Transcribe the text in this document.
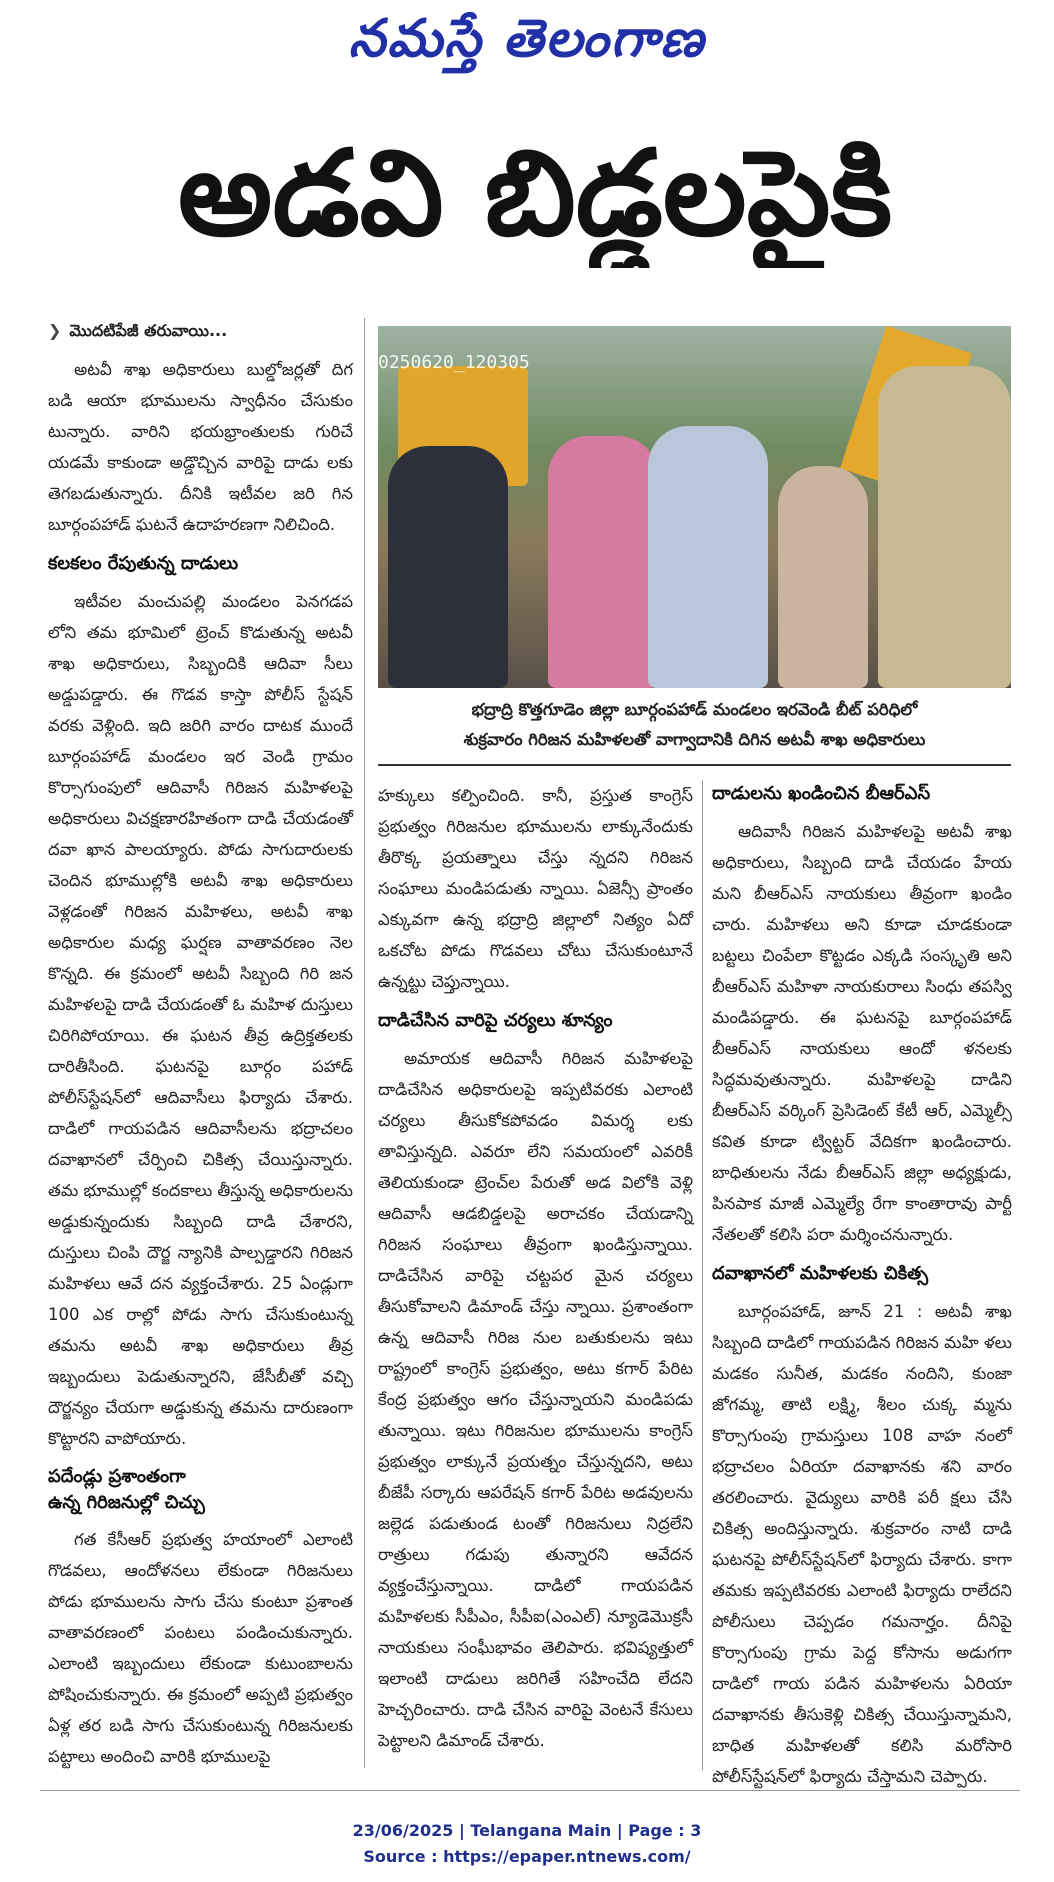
నమస్తే తెలంగాణ
అడవి బిడ్డలపైకి
❯ మొదటిపేజీ తరువాయి...

అటవీ శాఖ అధికారులు బుల్డోజర్లతో దిగ బడి ఆయా భూములను స్వాధీనం చేసుకుం టున్నారు. వారిని భయభ్రాంతులకు గురిచే యడమే కాకుండా అడ్డొచ్చిన వారిపై దాడు లకు తెగబడుతున్నారు. దీనికి ఇటీవల జరి గిన బూర్గంపహాడ్ ఘటనే ఉదాహరణగా నిలిచింది.

కలకలం రేపుతున్న దాడులు

ఇటీవల మంచుపల్లి మండలం పెనగడప లోని తమ భూమిలో ట్రెంచ్ కొడుతున్న అటవీ శాఖ అధికారులు, సిబ్బందికి ఆదివా సీలు అడ్డుపడ్డారు. ఈ గొడవ కాస్తా పోలీస్ స్టేషన్ వరకు వెళ్లింది. ఇది జరిగి వారం దాటక ముందే బూర్గంపహాడ్ మండలం ఇర వెండి గ్రామం కొర్సాగుంపులో ఆదివాసీ గిరిజన మహిళలపై అధికారులు విచక్షణారహితంగా దాడి చేయడంతో దవా ఖాన పాలయ్యారు. పోడు సాగుదారులకు చెందిన భూముల్లోకి అటవీ శాఖ అధికారులు వెళ్లడంతో గిరిజన మహిళలు, అటవీ శాఖ అధికారుల మధ్య ఘర్షణ వాతావరణం నెల కొన్నది. ఈ క్రమంలో అటవీ సిబ్బంది గిరి జన మహిళలపై దాడి చేయడంతో ఓ మహిళ దుస్తులు చిరిగిపోయాయి. ఈ ఘటన తీవ్ర ఉద్రిక్తతలకు దారితీసింది. ఘటనపై బూర్గం పహాడ్ పోలీస్‌స్టేషన్‌లో ఆదివాసీలు ఫిర్యాదు చేశారు. దాడిలో గాయపడిన ఆదివాసీలను భద్రాచలం దవాఖానలో చేర్పించి చికిత్స చేయిస్తున్నారు. తమ భూముల్లో కందకాలు తీస్తున్న అధికారులను అడ్డుకున్నందుకు సిబ్బంది దాడి చేశారని, దుస్తులు చింపి దౌర్జ న్యానికి పాల్పడ్డారని గిరిజన మహిళలు ఆవే దన వ్యక్తంచేశారు. 25 ఏండ్లుగా 100 ఎక రాల్లో పోడు సాగు చేసుకుంటున్న తమను అటవీ శాఖ అధికారులు తీవ్ర ఇబ్బందులు పెడుతున్నారని, జేసీబీతో వచ్చి దౌర్జన్యం చేయగా అడ్డుకున్న తమను దారుణంగా కొట్టారని వాపోయారు.

పదేండ్లు ప్రశాంతంగా
ఉన్న గిరిజనుల్లో చిచ్చు

గత కేసీఆర్ ప్రభుత్వ హయాంలో ఎలాంటి గొడవలు, ఆందోళనలు లేకుండా గిరిజనులు పోడు భూములను సాగు చేసు కుంటూ ప్రశాంత వాతావరణంలో పంటలు పండించుకున్నారు. ఎలాంటి ఇబ్బందులు లేకుండా కుటుంబాలను పోషించుకున్నారు. ఈ క్రమంలో అప్పటి ప్రభుత్వం ఏళ్ల తర బడి సాగు చేసుకుంటున్న గిరిజనులకు పట్టాలు అందించి వారికి భూములపై

0250620_120305
భద్రాద్రి కొత్తగూడెం జిల్లా బూర్గంపహాడ్ మండలం ఇరవెండి బీట్ పరిధిలో
శుక్రవారం గిరిజన మహిళలతో వాగ్వాదానికి దిగిన అటవీ శాఖ అధికారులు

హక్కులు కల్పించింది. కానీ, ప్రస్తుత కాంగ్రెస్ ప్రభుత్వం గిరిజనుల భూములను లాక్కునేందుకు తీరొక్క ప్రయత్నాలు చేస్తు న్నదని గిరిజన సంఘాలు మండిపడుతు న్నాయి. ఏజెన్సీ ప్రాంతం ఎక్కువగా ఉన్న భద్రాద్రి జిల్లాలో నిత్యం ఏదో ఒకచోట పోడు గొడవలు చోటు చేసుకుంటూనే ఉన్నట్టు చెప్తున్నాయి.

దాడిచేసిన వారిపై చర్యలు శూన్యం

అమాయక ఆదివాసీ గిరిజన మహిళలపై దాడిచేసిన అధికారులపై ఇప్పటివరకు ఎలాంటి చర్యలు తీసుకోకపోవడం విమర్శ లకు తావిస్తున్నది. ఎవరూ లేని సమయంలో ఎవరికీ తెలియకుండా ట్రెంచ్‌ల పేరుతో అడ విలోకి వెళ్లి ఆదివాసీ ఆడబిడ్డలపై అరాచకం చేయడాన్ని గిరిజన సంఘాలు తీవ్రంగా ఖండిస్తున్నాయి. దాడిచేసిన వారిపై చట్టపర మైన చర్యలు తీసుకోవాలని డిమాండ్ చేస్తు న్నాయి. ప్రశాంతంగా ఉన్న ఆదివాసీ గిరిజ నుల బతుకులను ఇటు రాష్ట్రంలో కాంగ్రెస్ ప్రభుత్వం, అటు కగార్ పేరిట కేంద్ర ప్రభుత్వం ఆగం చేస్తున్నాయని మండిపడు తున్నాయి. ఇటు గిరిజనుల భూములను కాంగ్రెస్ ప్రభుత్వం లాక్కునే ప్రయత్నం చేస్తున్నదని, అటు బీజేపీ సర్కారు ఆపరేషన్ కగార్ పేరిట అడవులను జల్లెడ పడుతుండ టంతో గిరిజనులు నిద్రలేని రాత్రులు గడుపు తున్నారని ఆవేదన వ్యక్తంచేస్తున్నాయి. దాడిలో గాయపడిన మహిళలకు సీపీఎం, సీపీఐ(ఎంఎల్) న్యూడెమొక్రసీ నాయకులు సంఘీభావం తెలిపారు. భవిష్యత్తులో ఇలాంటి దాడులు జరిగితే సహించేది లేదని హెచ్చరించారు. దాడి చేసిన వారిపై వెంటనే కేసులు పెట్టాలని డిమాండ్ చేశారు.

దాడులను ఖండించిన బీఆర్‌ఎస్

ఆదివాసీ గిరిజన మహిళలపై అటవీ శాఖ అధికారులు, సిబ్బంది దాడి చేయడం హేయ మని బీఆర్‌ఎస్ నాయకులు తీవ్రంగా ఖండిం చారు. మహిళలు అని కూడా చూడకుండా బట్టలు చింపేలా కొట్టడం ఎక్కడి సంస్కృతి అని బీఆర్‌ఎస్ మహిళా నాయకురాలు సింధు తపస్వి మండిపడ్డారు. ఈ ఘటనపై బూర్గంపహాడ్ బీఆర్‌ఎస్ నాయకులు ఆందో ళనలకు సిద్ధమవుతున్నారు. మహిళలపై దాడిని బీఆర్‌ఎస్ వర్కింగ్ ప్రెసిడెంట్ కేటీ ఆర్, ఎమ్మెల్సీ కవిత కూడా ట్విట్టర్ వేదికగా ఖండించారు. బాధితులను నేడు బీఆర్‌ఎస్ జిల్లా అధ్యక్షుడు, పినపాక మాజీ ఎమ్మెల్యే రేగా కాంతారావు పార్టీ నేతలతో కలిసి పరా మర్శించనున్నారు.

దవాఖానలో మహిళలకు చికిత్స

బూర్గంపహాడ్, జూన్ 21 : అటవీ శాఖ సిబ్బంది దాడిలో గాయపడిన గిరిజన మహి ళలు మడకం సునీత, మడకం నందిని, కుంజా జోగమ్మ, తాటి లక్ష్మి, శీలం చుక్క మ్మను కొర్సాగుంపు గ్రామస్తులు 108 వాహ నంలో భద్రాచలం ఏరియా దవాఖానకు శని వారం తరలించారు. వైద్యులు వారికి పరీ క్షలు చేసి చికిత్స అందిస్తున్నారు. శుక్రవారం నాటి దాడి ఘటనపై పోలీస్‌స్టేషన్‌లో ఫిర్యాదు చేశారు. కాగా తమకు ఇప్పటివరకు ఎలాంటి ఫిర్యాదు రాలేదని పోలీసులు చెప్పడం గమనార్హం. దీనిపై కొర్సాగుంపు గ్రామ పెద్ద కోసాను అడుగగా దాడిలో గాయ పడిన మహిళలను ఏరియా దవాఖానకు తీసుకెళ్లి చికిత్స చేయిస్తున్నామని, బాధిత మహిళలతో కలిసి మరోసారి పోలీస్‌స్టేషన్‌లో ఫిర్యాదు చేస్తామని చెప్పారు.

23/06/2025 | Telangana Main | Page : 3
Source : https://epaper.ntnews.com/
